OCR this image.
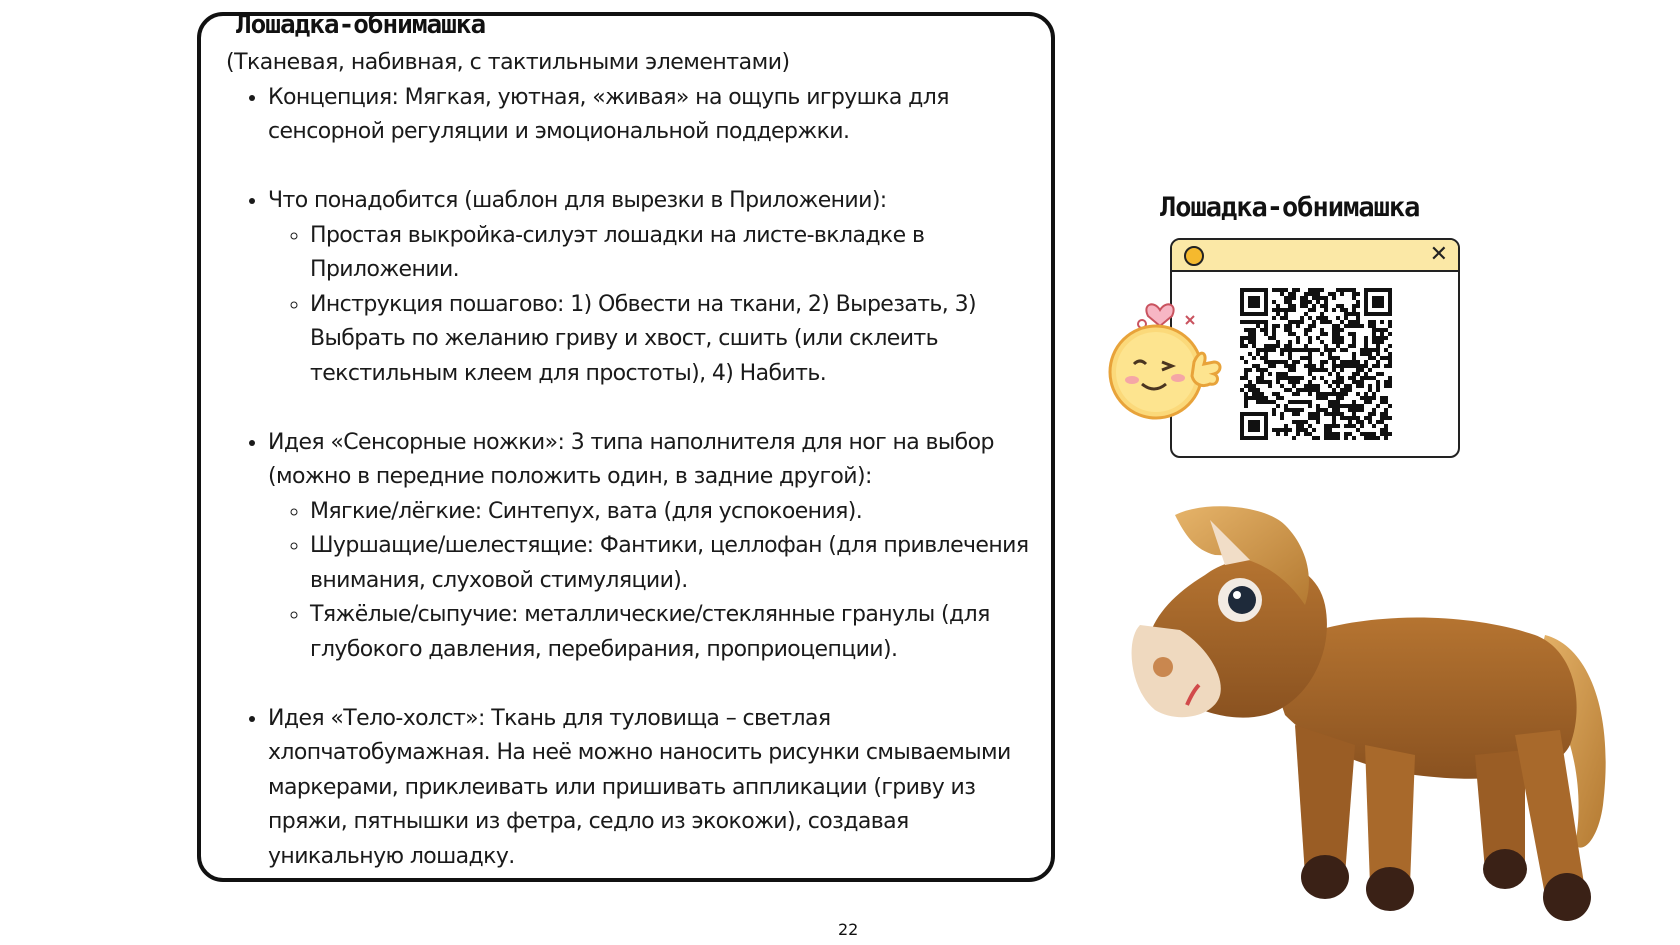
Лошадка-обнимашка

(Тканевая, набивная, с тактильными элементами)

• Концепция: Мягкая, уютная, «живая» на ощупь игрушка для сенсорной регуляции и эмоциональной поддержки.
• Что понадобится (шаблон для вырезки в Приложении):
◦ Простая выкройка-силуэт лошадки на листе-вкладке в Приложении.
◦ Инструкция пошагово: 1) Обвести на ткани, 2) Вырезать, 3) Выбрать по желанию гриву и хвост, сшить (или склеить текстильным клеем для простоты), 4) Набить.
• Идея «Сенсорные ножки»: 3 типа наполнителя для ног на выбор (можно в передние положить один, в задние другой):
◦ Мягкие/лёгкие: Синтепух, вата (для успокоения).
◦ Шуршащие/шелестящие: Фантики, целлофан (для привлечения внимания, слуховой стимуляции).
◦ Тяжёлые/сыпучие: металлические/стеклянные гранулы (для глубокого давления, перебирания, проприоцепции).
• Идея «Тело-холст»: Ткань для туловища – светлая хлопчатобумажная. На неё можно наносить рисунки смываемыми маркерами, приклеивать или пришивать аппликации (гриву из пряжи, пятнышки из фетра, седло из экокожи), создавая уникальную лошадку.
Лошадка-обнимашка
✕
22
